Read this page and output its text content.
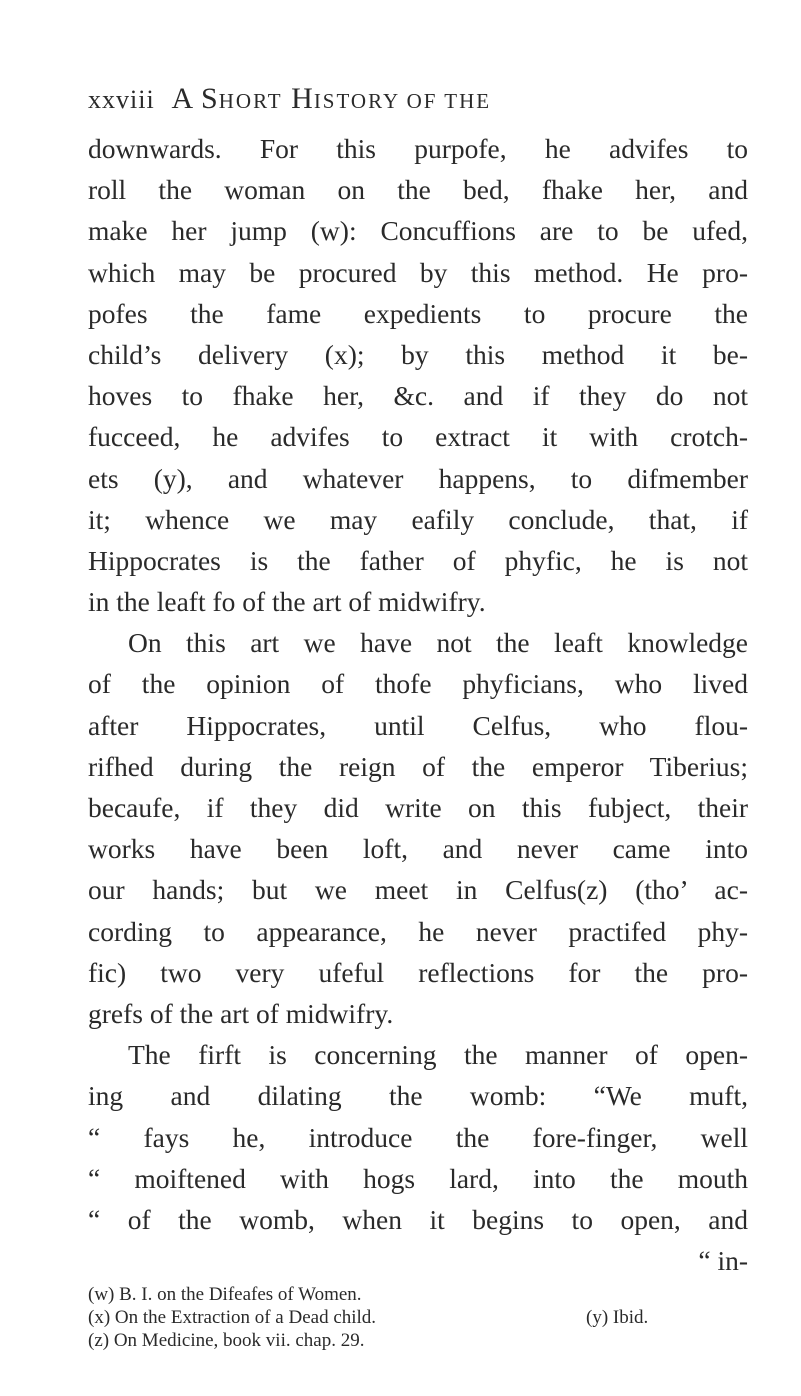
xxviii A SHORT HISTORY OF THE
downwards. For this purpofe, he advifes to
roll the woman on the bed, fhake her, and
make her jump (w): Concuffions are to be ufed,
which may be procured by this method. He pro-
pofes the fame expedients to procure the
child’s delivery (x); by this method it be-
hoves to fhake her, &c. and if they do not
fucceed, he advifes to extract it with crotch-
ets (y), and whatever happens, to difmember
it; whence we may eafily conclude, that, if
Hippocrates is the father of phyfic, he is not
in the leaft fo of the art of midwifry.
On this art we have not the leaft knowledge
of the opinion of thofe phyficians, who lived
after Hippocrates, until Celfus, who flou-
rifhed during the reign of the emperor Tiberius;
becaufe, if they did write on this fubject, their
works have been loft, and never came into
our hands; but we meet in Celfus(z) (tho’ ac-
cording to appearance, he never practifed phy-
fic) two very ufeful reflections for the pro-
grefs of the art of midwifry.
The firft is concerning the manner of open-
ing and dilating the womb: “We muft,
“ fays he, introduce the fore-finger, well
“ moiftened with hogs lard, into the mouth
“ of the womb, when it begins to open, and
“ in-
(w) B. I. on the Difeafes of Women.
(x) On the Extraction of a Dead child.	(y) Ibid.
(z) On Medicine, book vii. chap. 29.
